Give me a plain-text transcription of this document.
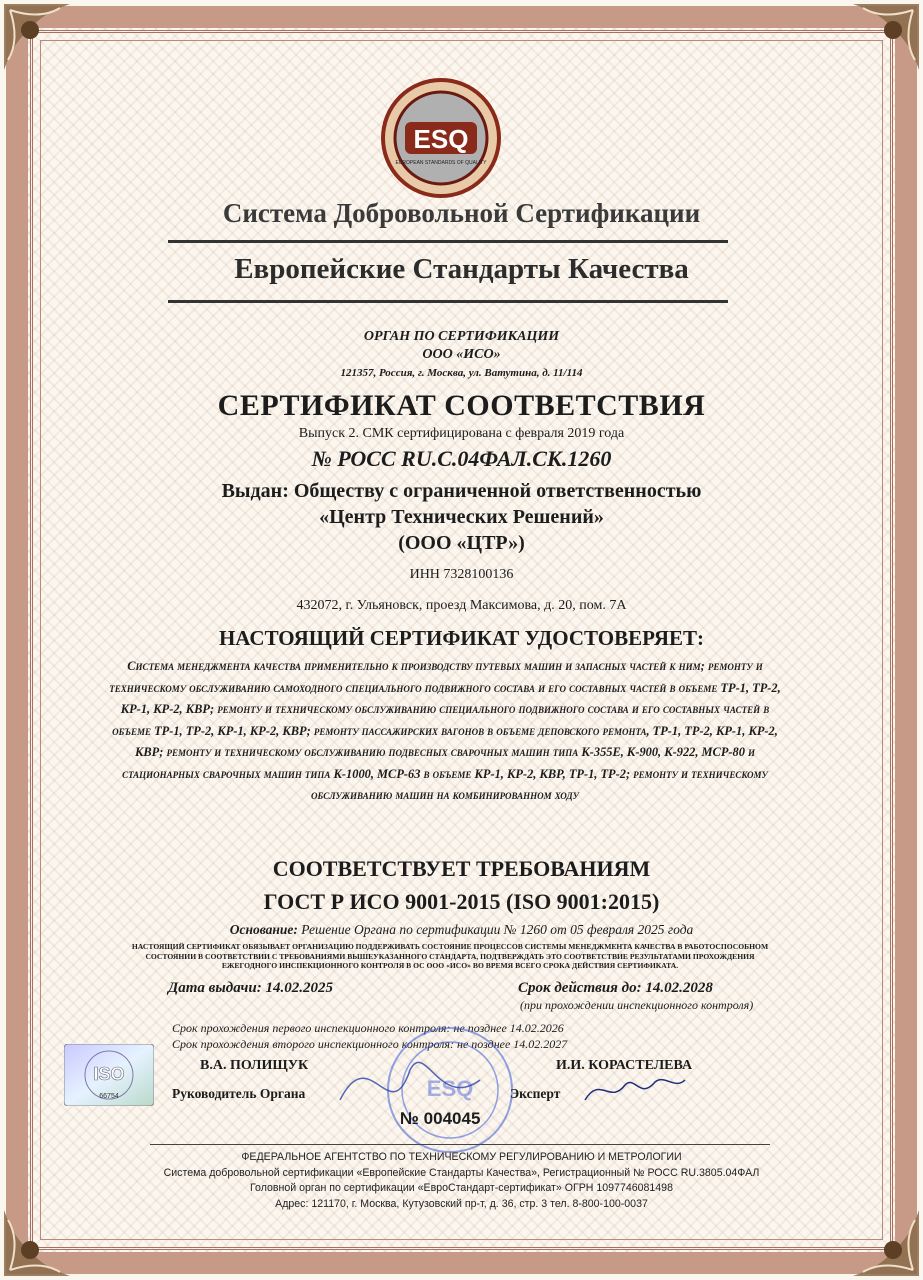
ESQ
EUROPEAN STANDARDS OF QUALITY
Система Добровольной Сертификации
Европейские Стандарты Качества
ОРГАН ПО СЕРТИФИКАЦИИ
ООО «ИСО»
121357, Россия, г. Москва, ул. Ватутина, д. 11/114
СЕРТИФИКАТ СООТВЕТСТВИЯ
Выпуск 2. СМК сертифицирована с февраля 2019 года
№ РОСС RU.C.04ФАЛ.СК.1260
Выдан: Обществу с ограниченной ответственностью
«Центр Технических Решений»
(ООО «ЦТР»)
ИНН 7328100136
432072, г. Ульяновск, проезд Максимова, д. 20, пом. 7А
НАСТОЯЩИЙ СЕРТИФИКАТ УДОСТОВЕРЯЕТ:
Система менеджмента качества применительно к производству путевых машин и запасных частей к ним; ремонту и техническому обслуживанию самоходного специального подвижного состава и его составных частей в объеме ТР-1, ТР-2, КР-1, КР-2, КВР; ремонту и техническому обслуживанию специального подвижного состава и его составных частей в объеме ТР-1, ТР-2, КР-1, КР-2, КВР; ремонту пассажирских вагонов в объеме деповского ремонта, ТР-1, ТР-2, КР-1, КР-2, КВР; ремонту и техническому обслуживанию подвесных сварочных машин типа К-355Е, К-900, К-922, МСР-80 и стационарных сварочных машин типа К-1000, МСР-63 в объеме КР-1, КР-2, КВР, ТР-1, ТР-2; ремонту и техническому обслуживанию машин на комбинированном ходу
СООТВЕТСТВУЕТ ТРЕБОВАНИЯМ
ГОСТ Р ИСО 9001-2015 (ISO 9001:2015)
Основание: Решение Органа по сертификации № 1260 от 05 февраля 2025 года
НАСТОЯЩИЙ СЕРТИФИКАТ ОБЯЗЫВАЕТ ОРГАНИЗАЦИЮ ПОДДЕРЖИВАТЬ СОСТОЯНИЕ ПРОЦЕССОВ СИСТЕМЫ МЕНЕДЖМЕНТА КАЧЕСТВА В РАБОТОСПОСОБНОМ СОСТОЯНИИ В СООТВЕТСТВИИ С ТРЕБОВАНИЯМИ ВЫШЕУКАЗАННОГО СТАНДАРТА, ПОДТВЕРЖДАТЬ ЭТО СООТВЕТСТВИЕ РЕЗУЛЬТАТАМИ ПРОХОЖДЕНИЯ ЕЖЕГОДНОГО ИНСПЕКЦИОННОГО КОНТРОЛЯ В ОС ООО «ИСО» ВО ВРЕМЯ ВСЕГО СРОКА ДЕЙСТВИЯ СЕРТИФИКАТА.
Дата выдачи: 14.02.2025	Срок действия до: 14.02.2028
(при прохождении инспекционного контроля)
Срок прохождения первого инспекционного контроля: не позднее 14.02.2026
Срок прохождения второго инспекционного контроля: не позднее 14.02.2027
ISO
66754	ESQ
В.А. ПОЛИЩУК
Руководитель Органа
И.И. КОРАСТЕЛЕВА
Эксперт
№ 004045
ФЕДЕРАЛЬНОЕ АГЕНТСТВО ПО ТЕХНИЧЕСКОМУ РЕГУЛИРОВАНИЮ И МЕТРОЛОГИИ
Система добровольной сертификации «Европейские Стандарты Качества», Регистрационный № РОСС RU.3805.04ФАЛ
Головной орган по сертификации «ЕвроСтандарт-сертификат» ОГРН 1097746081498
Адрес: 121170, г. Москва, Кутузовский пр-т, д. 36, стр. 3 тел. 8-800-100-0037
